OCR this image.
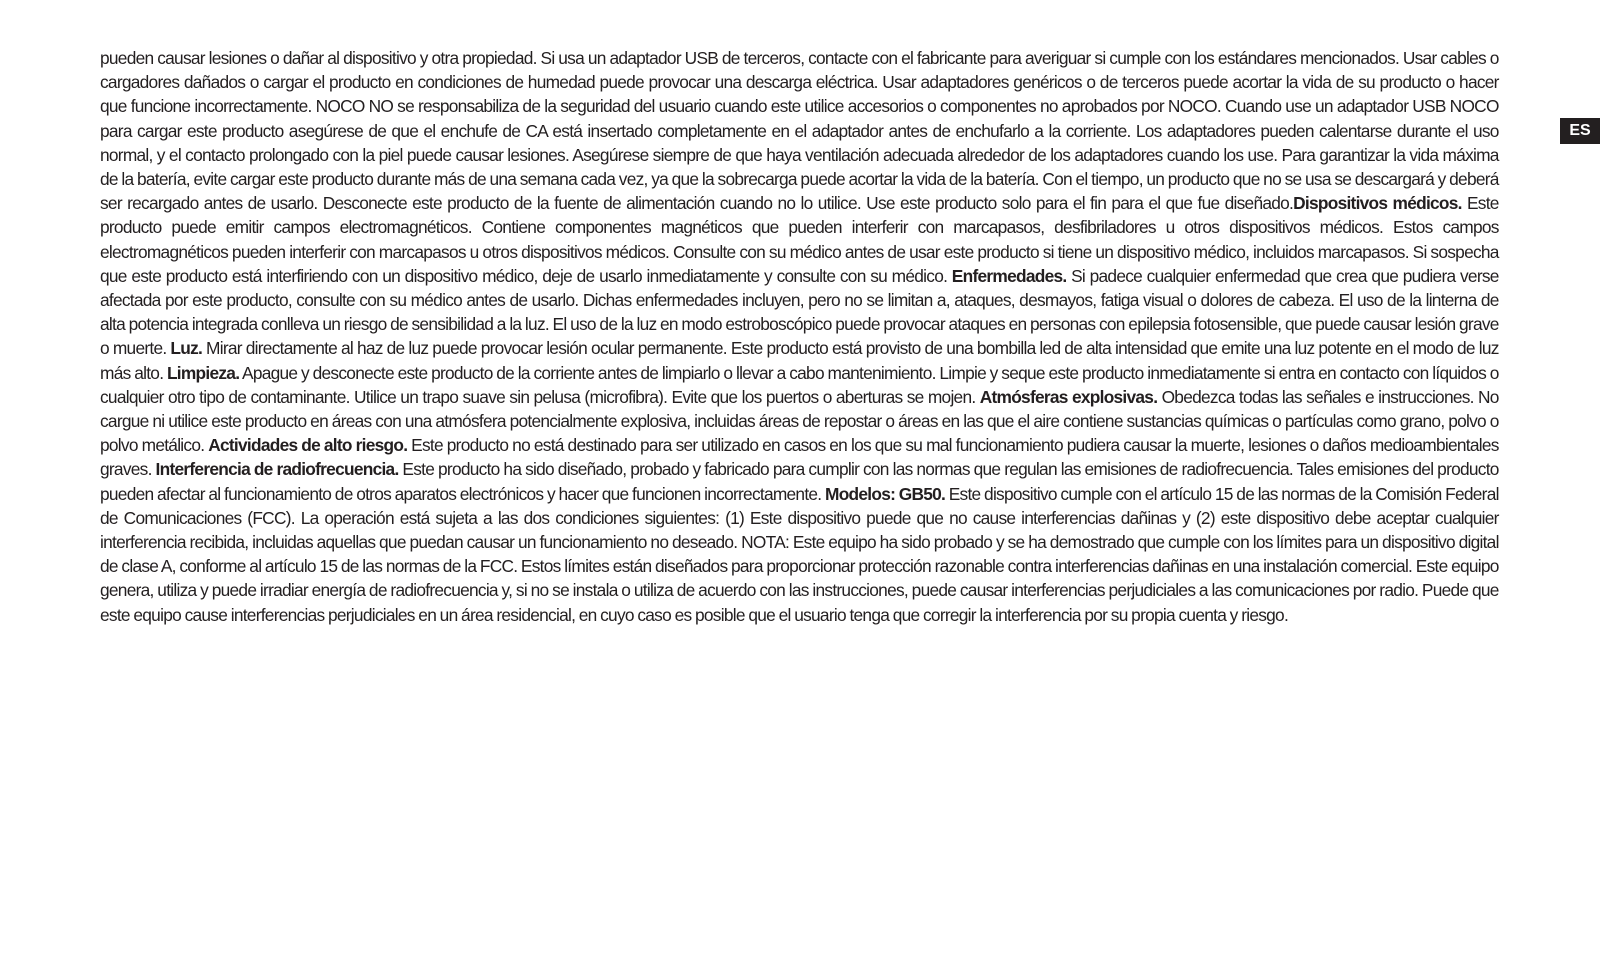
pueden causar lesiones o dañar al dispositivo y otra propiedad. Si usa un adaptador USB de terceros, contacte con el fabricante para averiguar si cumple con los estándares mencionados. Usar cables o cargadores dañados o cargar el producto en condiciones de humedad puede provocar una descarga eléctrica. Usar adaptadores genéricos o de terceros puede acortar la vida de su producto o hacer que funcione incorrectamente. NOCO NO se responsabiliza de la seguridad del usuario cuando este utilice accesorios o componentes no aprobados por NOCO. Cuando use un adaptador USB NOCO para cargar este producto asegúrese de que el enchufe de CA está insertado completamente en el adaptador antes de enchufarlo a la corriente. Los adaptadores pueden calentarse durante el uso normal, y el contacto prolongado con la piel puede causar lesiones. Asegúrese siempre de que haya ventilación adecuada alrededor de los adaptadores cuando los use. Para garantizar la vida máxima de la batería, evite cargar este producto durante más de una semana cada vez, ya que la sobrecarga puede acortar la vida de la batería. Con el tiempo, un producto que no se usa se descargará y deberá ser recargado antes de usarlo. Desconecte este producto de la fuente de alimentación cuando no lo utilice. Use este producto solo para el fin para el que fue diseñado.Dispositivos médicos. Este producto puede emitir campos electromagnéticos. Contiene componentes magnéticos que pueden interferir con marcapasos, desfibriladores u otros dispositivos médicos. Estos campos electromagnéticos pueden interferir con marcapasos u otros dispositivos médicos. Consulte con su médico antes de usar este producto si tiene un dispositivo médico, incluidos marcapasos. Si sospecha que este producto está interfiriendo con un dispositivo médico, deje de usarlo inmediatamente y consulte con su médico. Enfermedades. Si padece cualquier enfermedad que crea que pudiera verse afectada por este producto, consulte con su médico antes de usarlo. Dichas enfermedades incluyen, pero no se limitan a, ataques, desmayos, fatiga visual o dolores de cabeza. El uso de la linterna de alta potencia integrada conlleva un riesgo de sensibilidad a la luz. El uso de la luz en modo estroboscópico puede provocar ataques en personas con epilepsia fotosensible, que puede causar lesión grave o muerte. Luz. Mirar directamente al haz de luz puede provocar lesión ocular permanente. Este producto está provisto de una bombilla led de alta intensidad que emite una luz potente en el modo de luz más alto. Limpieza. Apague y desconecte este producto de la corriente antes de limpiarlo o llevar a cabo mantenimiento. Limpie y seque este producto inmediatamente si entra en contacto con líquidos o cualquier otro tipo de contaminante. Utilice un trapo suave sin pelusa (microfibra). Evite que los puertos o aberturas se mojen. Atmósferas explosivas. Obedezca todas las señales e instrucciones. No cargue ni utilice este producto en áreas con una atmósfera potencialmente explosiva, incluidas áreas de repostar o áreas en las que el aire contiene sustancias químicas o partículas como grano, polvo o polvo metálico. Actividades de alto riesgo. Este producto no está destinado para ser utilizado en casos en los que su mal funcionamiento pudiera causar la muerte, lesiones o daños medioambientales graves. Interferencia de radiofrecuencia. Este producto ha sido diseñado, probado y fabricado para cumplir con las normas que regulan las emisiones de radiofrecuencia. Tales emisiones del producto pueden afectar al funcionamiento de otros aparatos electrónicos y hacer que funcionen incorrectamente. Modelos: GB50. Este dispositivo cumple con el artículo 15 de las normas de la Comisión Federal de Comunicaciones (FCC). La operación está sujeta a las dos condiciones siguientes: (1) Este dispositivo puede que no cause interferencias dañinas y (2) este dispositivo debe aceptar cualquier interferencia recibida, incluidas aquellas que puedan causar un funcionamiento no deseado. NOTA: Este equipo ha sido probado y se ha demostrado que cumple con los límites para un dispositivo digital de clase A, conforme al artículo 15 de las normas de la FCC. Estos límites están diseñados para proporcionar protección razonable contra interferencias dañinas en una instalación comercial. Este equipo genera, utiliza y puede irradiar energía de radiofrecuencia y, si no se instala o utiliza de acuerdo con las instrucciones, puede causar interferencias perjudiciales a las comunicaciones por radio. Puede que este equipo cause interferencias perjudiciales en un área residencial, en cuyo caso es posible que el usuario tenga que corregir la interferencia por su propia cuenta y riesgo.
ES
